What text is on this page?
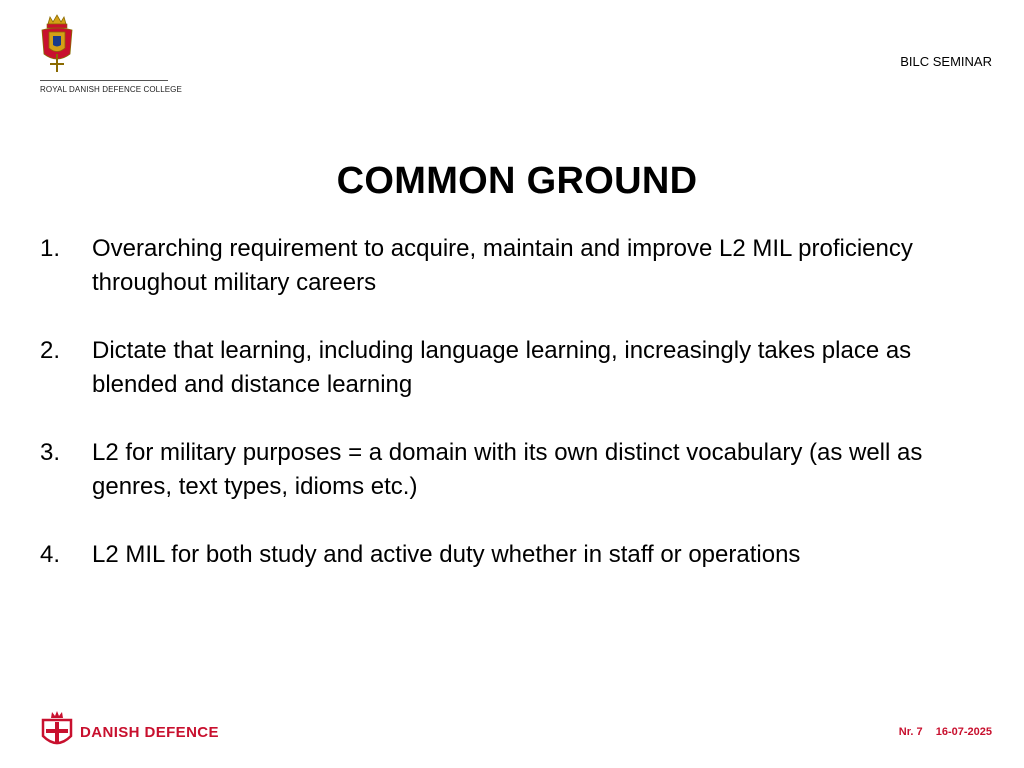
ROYAL DANISH DEFENCE COLLEGE
BILC SEMINAR
COMMON GROUND
1. Overarching requirement to acquire, maintain and improve L2 MIL proficiency throughout military careers
2. Dictate that learning, including language learning, increasingly takes place as blended and distance learning
3. L2 for military purposes = a domain with its own distinct vocabulary (as well as genres, text types, idioms etc.)
4. L2 MIL for both study and active duty whether in staff or operations
DANISH DEFENCE	Nr. 7 16-07-2025
